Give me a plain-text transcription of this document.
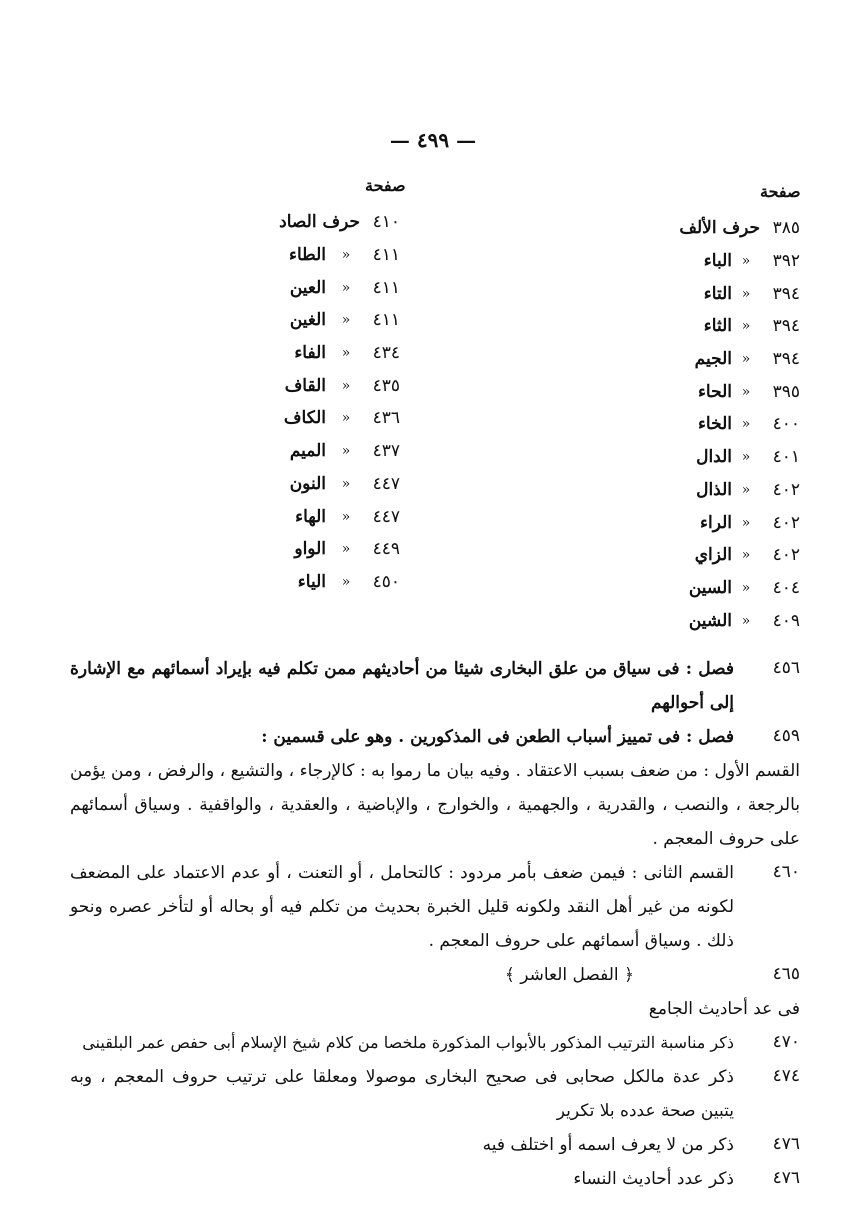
— ٤٩٩ —
صفحة
صفحة
٣٨٥
حرف الألف
٣٩٢
«
الباء
٣٩٤
«
التاء
٣٩٤
«
الثاء
٣٩٤
«
الجيم
٣٩٥
«
الحاء
٤٠٠
«
الخاء
٤٠١
«
الدال
٤٠٢
«
الذال
٤٠٢
«
الراء
٤٠٢
«
الزاي
٤٠٤
«
السين
٤٠٩
«
الشين
٤١٠
حرف الصاد
٤١١
«
الطاء
٤١١
«
العين
٤١١
«
الغين
٤٣٤
«
الفاء
٤٣٥
«
القاف
٤٣٦
«
الكاف
٤٣٧
«
الميم
٤٤٧
«
النون
٤٤٧
«
الهاء
٤٤٩
«
الواو
٤٥٠
«
الياء
٤٥٦
فصل : فى سياق من علق البخارى شيئا من أحاديثهم ممن تكلم فيه بإيراد أسمائهم مع الإشارة إلى أحوالهم
٤٥٩
فصل : فى تمييز أسباب الطعن فى المذكورين . وهو على قسمين :
القسم الأول : من ضعف بسبب الاعتقاد . وفيه بيان ما رموا به : كالإرجاء ، والتشيع ، والرفض ، ومن يؤمن بالرجعة ، والنصب ، والقدرية ، والجهمية ، والخوارج ، والإباضية ، والعقدية ، والواقفية . وسياق أسمائهم على حروف المعجم .
٤٦٠
القسم الثانى : فيمن ضعف بأمر مردود : كالتحامل ، أو التعنت ، أو عدم الاعتماد على المضعف لكونه من غير أهل النقد ولكونه قليل الخبرة بحديث من تكلم فيه أو بحاله أو لتأخر عصره ونحو ذلك . وسياق أسمائهم على حروف المعجم .
٤٦٥
﴿ الفصل العاشر ﴾
فى عد أحاديث الجامع
٤٧٠
ذكر مناسبة الترتيب المذكور بالأبواب المذكورة ملخصا من كلام شيخ الإسلام أبى حفص عمر البلقينى
٤٧٤
ذكر عدة مالكل صحابى فى صحيح البخارى موصولا ومعلقا على ترتيب حروف المعجم ، وبه يتبين صحة عدده بلا تكرير
٤٧٦
ذكر من لا يعرف اسمه أو اختلف فيه
٤٧٦
ذكر عدد أحاديث النساء
